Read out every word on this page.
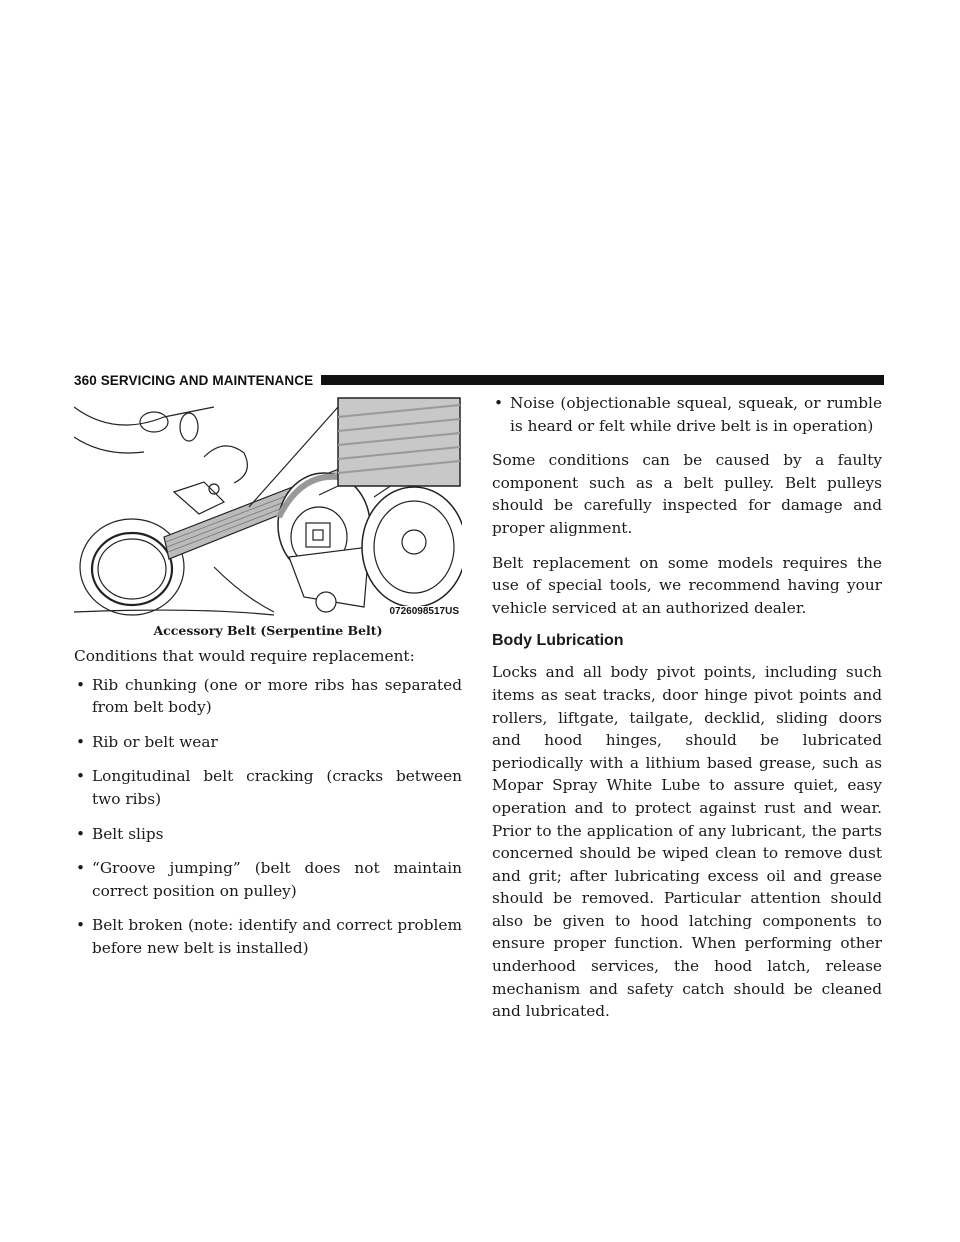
360 SERVICING AND MAINTENANCE
0726098517US
Accessory Belt (Serpentine Belt)

Conditions that would require replacement:

• Rib chunking (one or more ribs has separated from belt body)
• Rib or belt wear
• Longitudinal belt cracking (cracks between two ribs)
• Belt slips
• “Groove jumping” (belt does not maintain correct position on pulley)
• Belt broken (note: identify and correct problem before new belt is installed)
• Noise (objectionable squeal, squeak, or rumble is heard or felt while drive belt is in operation)

Some conditions can be caused by a faulty component such as a belt pulley. Belt pulleys should be carefully inspected for damage and proper alignment.

Belt replacement on some models requires the use of special tools, we recommend having your vehicle serviced at an authorized dealer.

Body Lubrication

Locks and all body pivot points, including such items as seat tracks, door hinge pivot points and rollers, liftgate, tailgate, decklid, sliding doors and hood hinges, should be lubricated periodically with a lithium based grease, such as Mopar Spray White Lube to assure quiet, easy operation and to protect against rust and wear. Prior to the application of any lubricant, the parts concerned should be wiped clean to remove dust and grit; after lubricating excess oil and grease should be removed. Particular attention should also be given to hood latching components to ensure proper function. When performing other underhood services, the hood latch, release mechanism and safety catch should be cleaned and lubricated.
